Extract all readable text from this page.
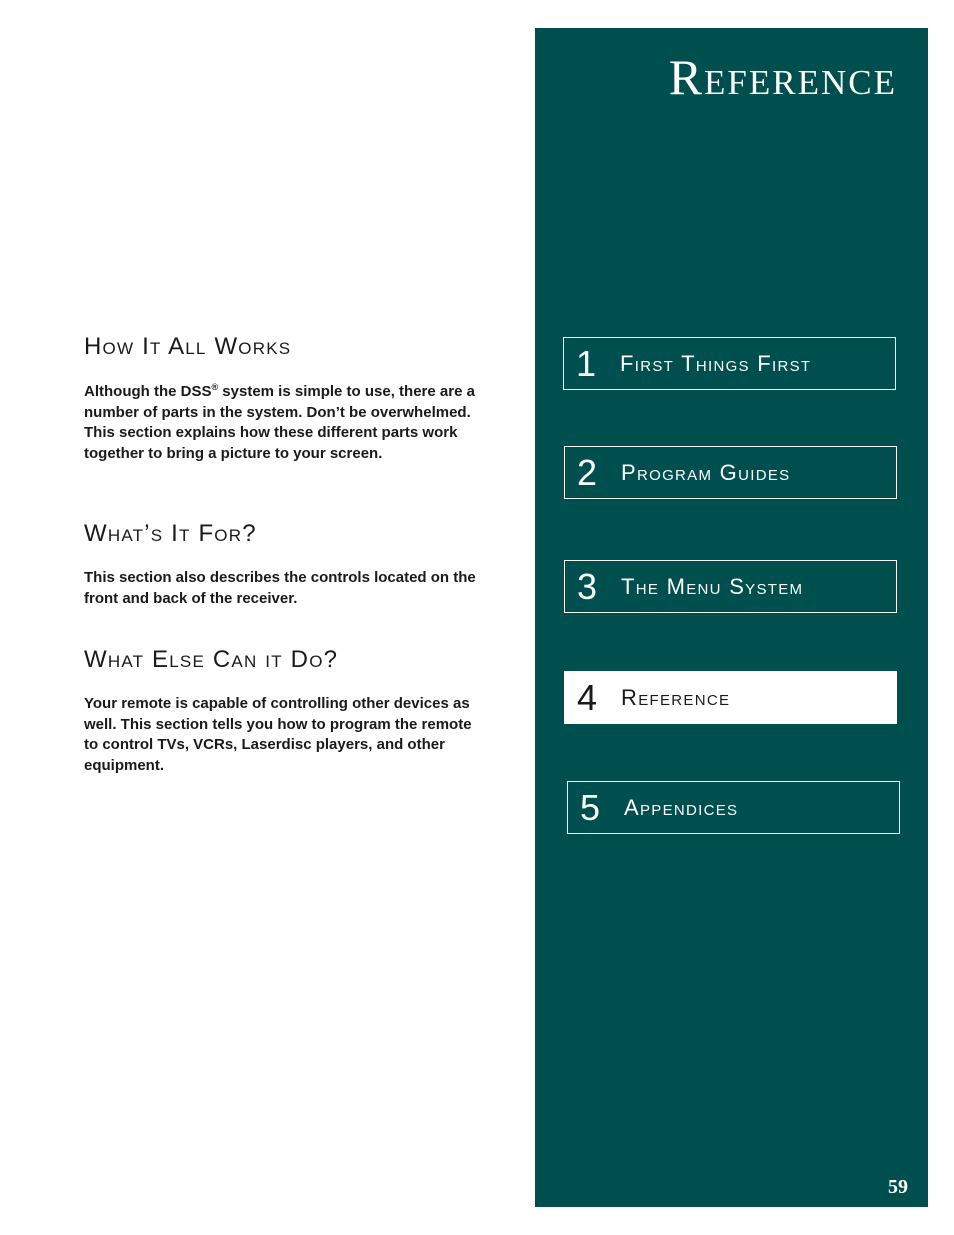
How It All Works

Although the DSS® system is simple to use, there are a number of parts in the system. Don’t be overwhelmed. This section explains how these different parts work together to bring a picture to your screen.

What’s It For?

This section also describes the controls located on the front and back of the receiver.

What Else Can it Do?

Your remote is capable of controlling other devices as well. This section tells you how to program the remote to control TVs, VCRs, Laserdisc players, and other equipment.

Reference
1	First Things First
2	Program Guides
3	The Menu System
4	Reference
5	Appendices
59
